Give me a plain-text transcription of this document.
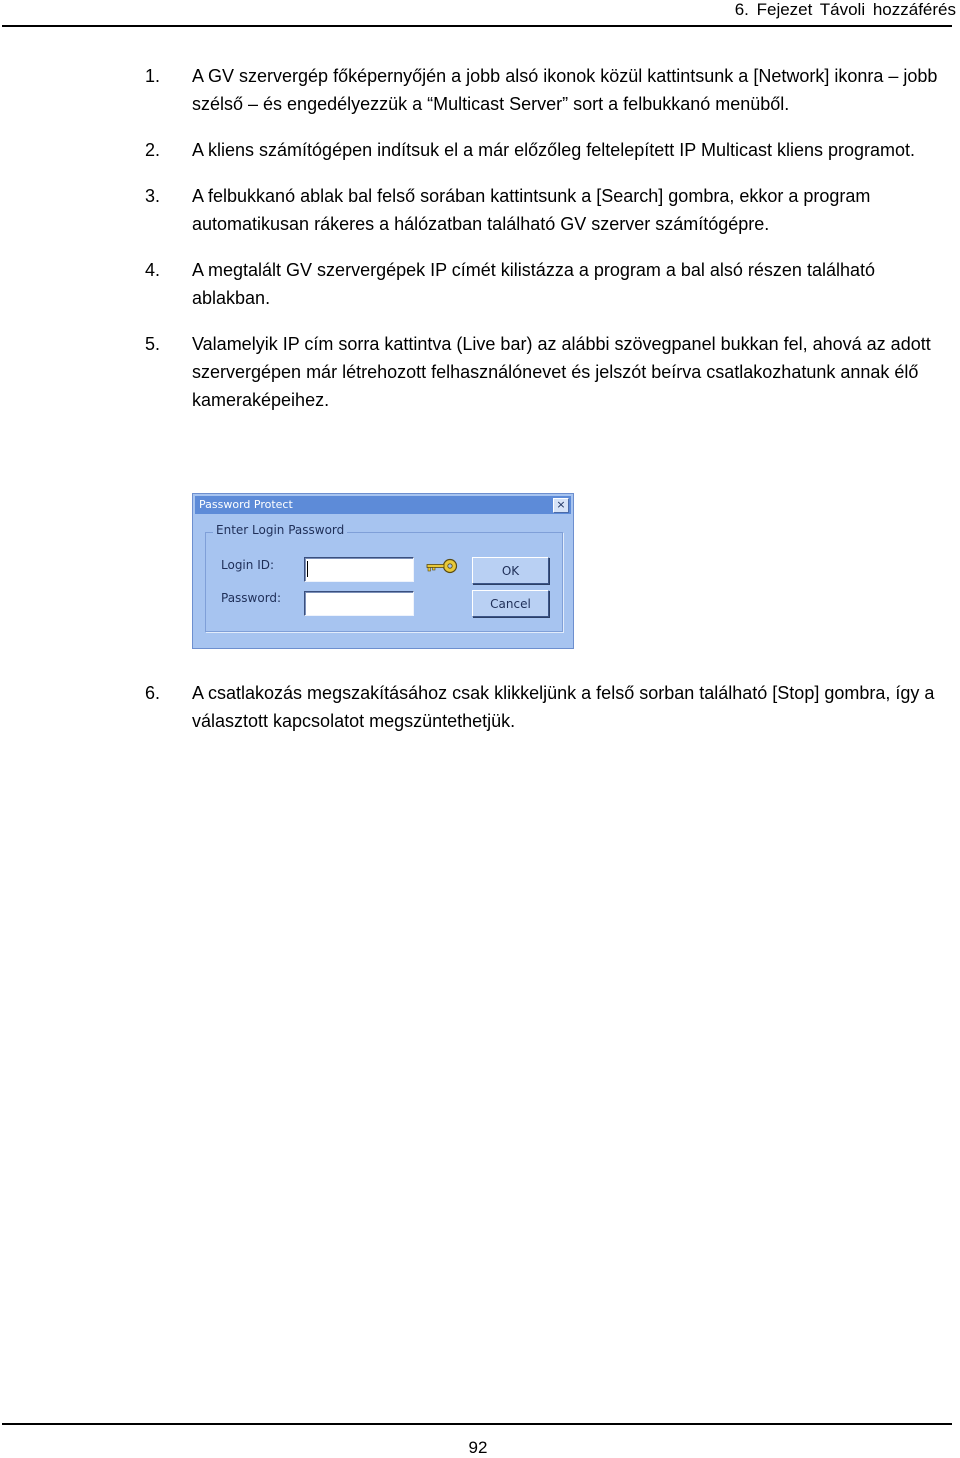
6. Fejezet Távoli hozzáférés
1. A GV szervergép főképernyőjén a jobb alsó ikonok közül kattintsunk a [Network] ikonra – jobb szélső – és engedélyezzük a “Multicast Server” sort a felbukkanó menüből.
2. A kliens számítógépen indítsuk el a már előzőleg feltelepített IP Multicast kliens programot.
3. A felbukkanó ablak bal felső sorában kattintsunk a [Search] gombra, ekkor a program automatikusan rákeres a hálózatban található GV szerver számítógépre.
4. A megtalált GV szervergépek IP címét kilistázza a program a bal alsó részen található ablakban.
5. Valamelyik IP cím sorra kattintva (Live bar) az alábbi szövegpanel bukkan fel, ahová az adott szervergépen már létrehozott felhasználónevet és jelszót beírva csatlakozhatunk annak élő kameraképeihez.
Password Protect	×
Enter Login Password
Login ID:
Password:
OK
Cancel
6. A csatlakozás megszakításához csak klikkeljünk a felső sorban található [Stop] gombra, így a választott kapcsolatot megszüntethetjük.
92
